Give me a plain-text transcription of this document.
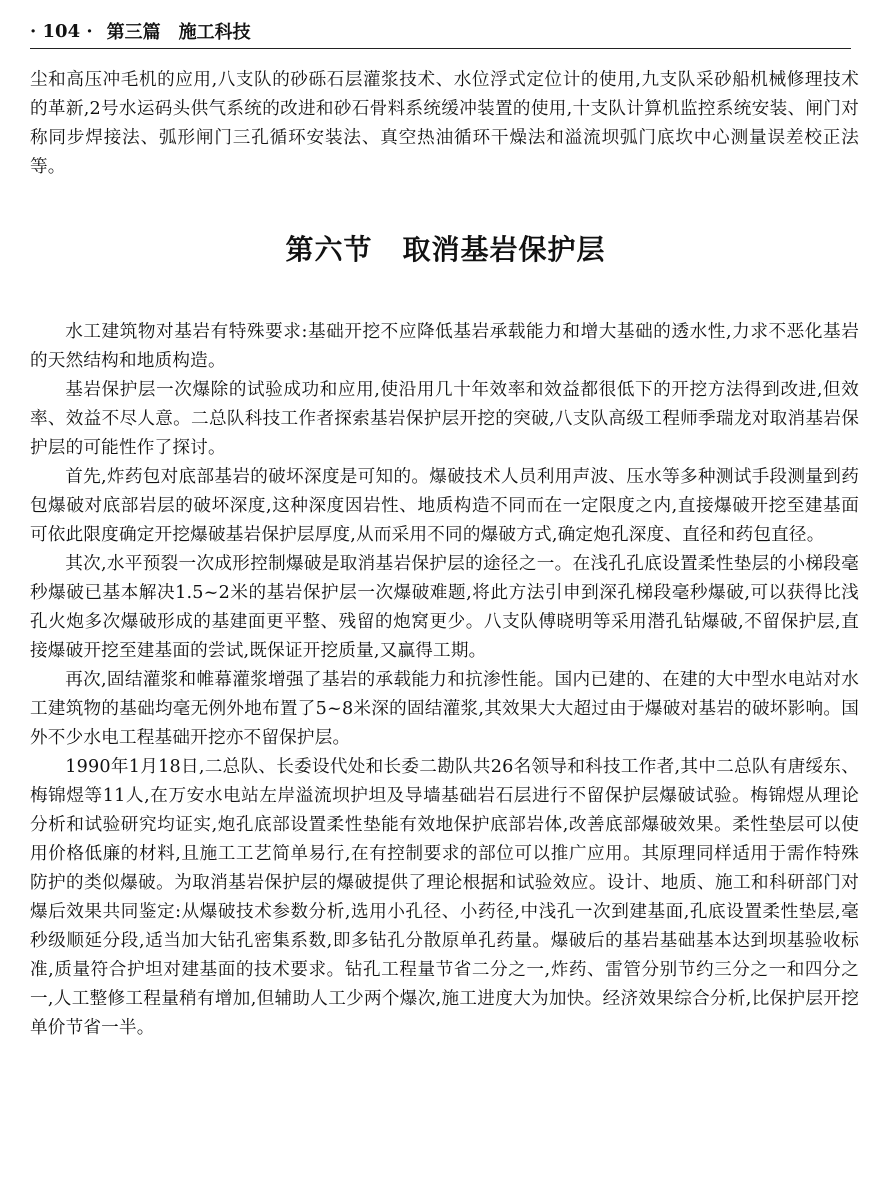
· 104 · 第三篇 施工科技

尘和高压冲毛机的应用,八支队的砂砾石层灌浆技术、水位浮式定位计的使用,九支队采砂船机械修理技术的革新,2号水运码头供气系统的改进和砂石骨料系统缓冲装置的使用,十支队计算机监控系统安装、闸门对称同步焊接法、弧形闸门三孔循环安装法、真空热油循环干燥法和溢流坝弧门底坎中心测量误差校正法等。

第六节 取消基岩保护层

水工建筑物对基岩有特殊要求:基础开挖不应降低基岩承载能力和增大基础的透水性,力求不恶化基岩的天然结构和地质构造。

基岩保护层一次爆除的试验成功和应用,使沿用几十年效率和效益都很低下的开挖方法得到改进,但效率、效益不尽人意。二总队科技工作者探索基岩保护层开挖的突破,八支队高级工程师季瑞龙对取消基岩保护层的可能性作了探讨。

首先,炸药包对底部基岩的破坏深度是可知的。爆破技术人员利用声波、压水等多种测试手段测量到药包爆破对底部岩层的破坏深度,这种深度因岩性、地质构造不同而在一定限度之内,直接爆破开挖至建基面可依此限度确定开挖爆破基岩保护层厚度,从而采用不同的爆破方式,确定炮孔深度、直径和药包直径。

其次,水平预裂一次成形控制爆破是取消基岩保护层的途径之一。在浅孔孔底设置柔性垫层的小梯段毫秒爆破已基本解决1.5~2米的基岩保护层一次爆破难题,将此方法引申到深孔梯段毫秒爆破,可以获得比浅孔火炮多次爆破形成的基建面更平整、残留的炮窝更少。八支队傅晓明等采用潜孔钻爆破,不留保护层,直接爆破开挖至建基面的尝试,既保证开挖质量,又赢得工期。

再次,固结灌浆和帷幕灌浆增强了基岩的承载能力和抗渗性能。国内已建的、在建的大中型水电站对水工建筑物的基础均毫无例外地布置了5~8米深的固结灌浆,其效果大大超过由于爆破对基岩的破坏影响。国外不少水电工程基础开挖亦不留保护层。

1990年1月18日,二总队、长委设代处和长委二勘队共26名领导和科技工作者,其中二总队有唐绥东、梅锦煜等11人,在万安水电站左岸溢流坝护坦及导墙基础岩石层进行不留保护层爆破试验。梅锦煜从理论分析和试验研究均证实,炮孔底部设置柔性垫能有效地保护底部岩体,改善底部爆破效果。柔性垫层可以使用价格低廉的材料,且施工工艺简单易行,在有控制要求的部位可以推广应用。其原理同样适用于需作特殊防护的类似爆破。为取消基岩保护层的爆破提供了理论根据和试验效应。设计、地质、施工和科研部门对爆后效果共同鉴定:从爆破技术参数分析,选用小孔径、小药径,中浅孔一次到建基面,孔底设置柔性垫层,毫秒级顺延分段,适当加大钻孔密集系数,即多钻孔分散原单孔药量。爆破后的基岩基础基本达到坝基验收标准,质量符合护坦对建基面的技术要求。钻孔工程量节省二分之一,炸药、雷管分别节约三分之一和四分之一,人工整修工程量稍有增加,但辅助人工少两个爆次,施工进度大为加快。经济效果综合分析,比保护层开挖单价节省一半。
